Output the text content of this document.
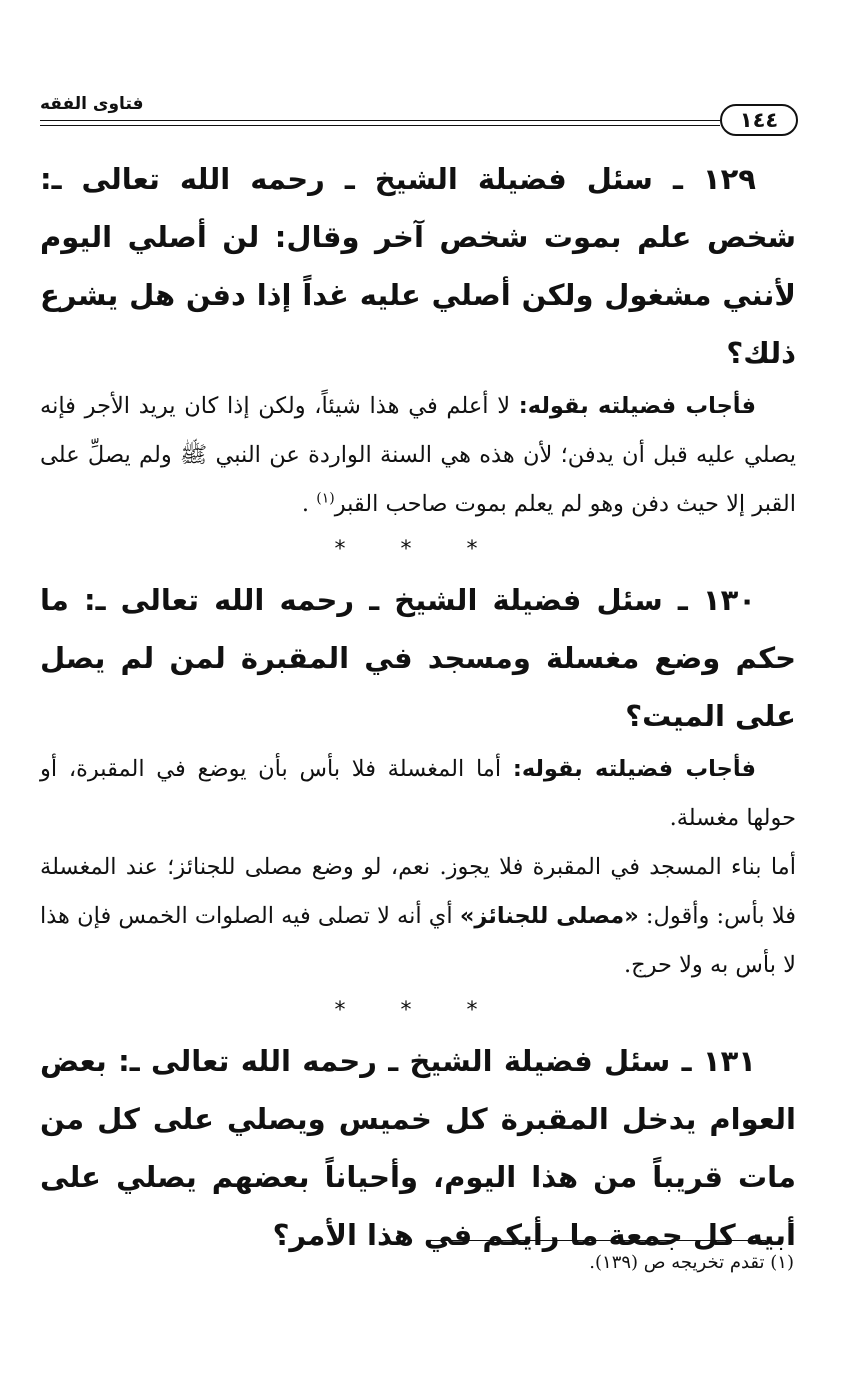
فتاوى الفقه
١٤٤

١٢٩ ـ سئل فضيلة الشيخ ـ رحمه الله تعالى ـ: شخص علم بموت شخص آخر وقال: لن أصلي اليوم لأنني مشغول ولكن أصلي عليه غداً إذا دفن هل يشرع ذلك؟

فأجاب فضيلته بقوله: لا أعلم في هذا شيئاً، ولكن إذا كان يريد الأجر فإنه يصلي عليه قبل أن يدفن؛ لأن هذه هي السنة الواردة عن النبي ﷺ ولم يصلِّ على القبر إلا حيث دفن وهو لم يعلم بموت صاحب القبر$^{(١)}$ .

* * *

١٣٠ ـ سئل فضيلة الشيخ ـ رحمه الله تعالى ـ: ما حكم وضع مغسلة ومسجد في المقبرة لمن لم يصل على الميت؟

فأجاب فضيلته بقوله: أما المغسلة فلا بأس بأن يوضع في المقبرة، أو حولها مغسلة.

أما بناء المسجد في المقبرة فلا يجوز. نعم، لو وضع مصلى للجنائز؛ عند المغسلة فلا بأس: وأقول: «مصلى للجنائز» أي أنه لا تصلى فيه الصلوات الخمس فإن هذا لا بأس به ولا حرج.

* * *

١٣١ ـ سئل فضيلة الشيخ ـ رحمه الله تعالى ـ: بعض العوام يدخل المقبرة كل خميس ويصلي على كل من مات قريباً من هذا اليوم، وأحياناً بعضهم يصلي على أبيه كل جمعة ما رأيكم في هذا الأمر؟

(١) تقدم تخريجه ص (١٣٩).
